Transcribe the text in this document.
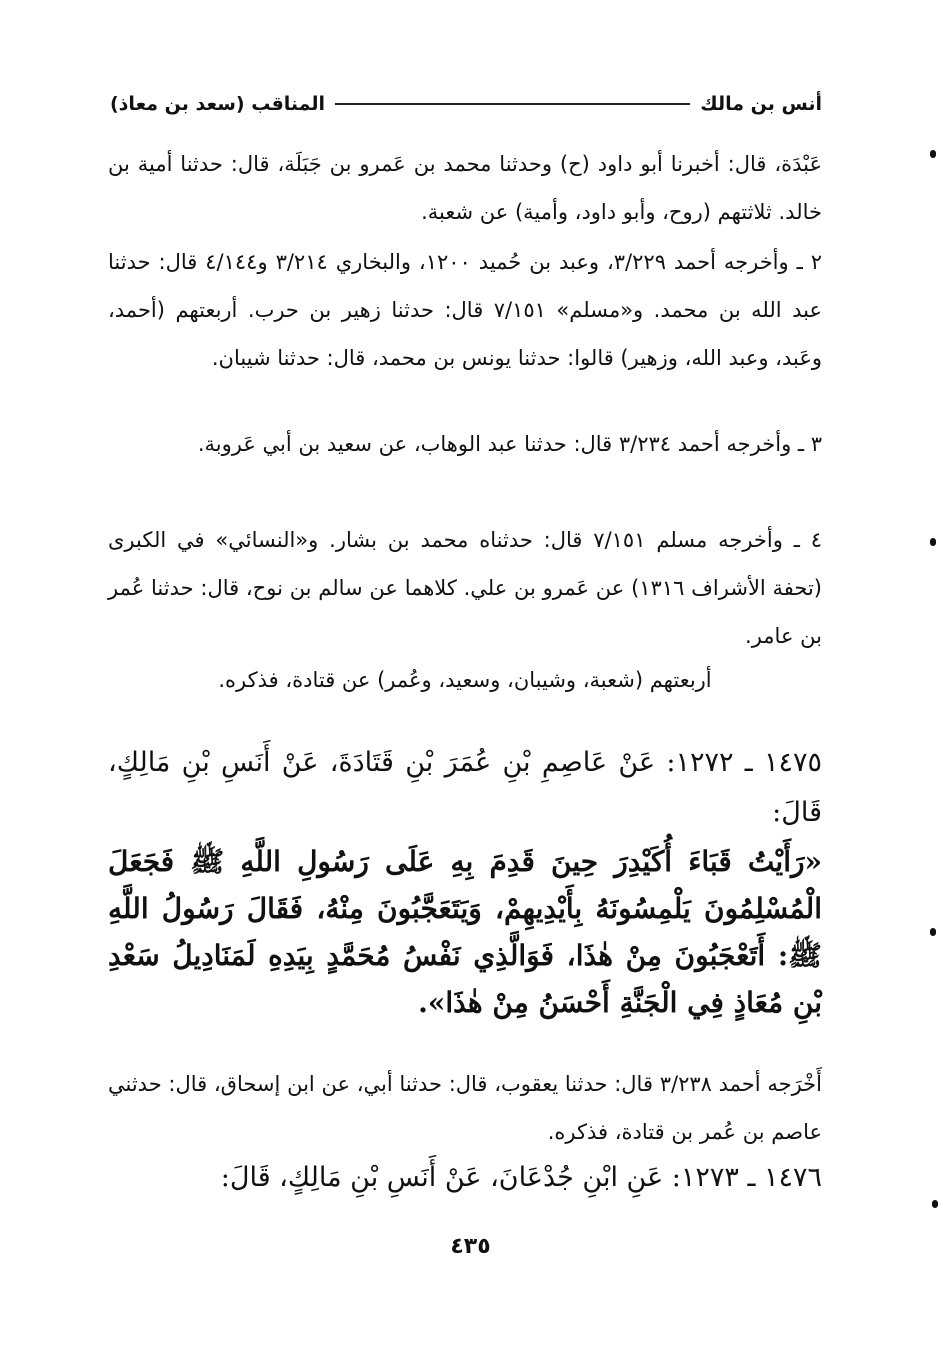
أنس بن مالك
المناقب (سعد بن معاذ)

عَبْدَة، قال: أخبرنا أبو داود (ح) وحدثنا محمد بن عَمرو بن جَبَلَة، قال: حدثنا أمية بن خالد. ثلاثتهم (روح، وأبو داود، وأمية) عن شعبة.

٢ ـ وأخرجه أحمد ٣/٢٢٩، وعبد بن حُميد ١٢٠٠، والبخاري ٣/٢١٤ و٤/١٤٤ قال: حدثنا عبد الله بن محمد. و«مسلم» ٧/١٥١ قال: حدثنا زهير بن حرب. أربعتهم (أحمد، وعَبد، وعبد الله، وزهير) قالوا: حدثنا يونس بن محمد، قال: حدثنا شيبان.

٣ ـ وأخرجه أحمد ٣/٢٣٤ قال: حدثنا عبد الوهاب، عن سعيد بن أبي عَروبة.

٤ ـ وأخرجه مسلم ٧/١٥١ قال: حدثناه محمد بن بشار. و«النسائي» في الكبرى (تحفة الأشراف ١٣١٦) عن عَمرو بن علي. كلاهما عن سالم بن نوح، قال: حدثنا عُمر بن عامر.

أربعتهم (شعبة، وشيبان، وسعيد، وعُمر) عن قتادة، فذكره.

١٤٧٥ ـ ١٢٧٢: عَنْ عَاصِمِ بْنِ عُمَرَ بْنِ قَتَادَةَ، عَنْ أَنَسِ بْنِ مَالِكٍ، قَالَ:

«رَأَيْتُ قَبَاءَ أُكَيْدِرَ حِينَ قَدِمَ بِهِ عَلَى رَسُولِ اللَّهِ ﷺ فَجَعَلَ الْمُسْلِمُونَ يَلْمِسُونَهُ بِأَيْدِيهِمْ، وَيَتَعَجَّبُونَ مِنْهُ، فَقَالَ رَسُولُ اللَّهِ ﷺ: أَتَعْجَبُونَ مِنْ هٰذَا، فَوَالَّذِي نَفْسُ مُحَمَّدٍ بِيَدِهِ لَمَنَادِيلُ سَعْدِ بْنِ مُعَاذٍ فِي الْجَنَّةِ أَحْسَنُ مِنْ هٰذَا».

أَخْرَجه أحمد ٣/٢٣٨ قال: حدثنا يعقوب، قال: حدثنا أبي، عن ابن إسحاق، قال: حدثني عاصم بن عُمر بن قتادة، فذكره.

١٤٧٦ ـ ١٢٧٣: عَنِ ابْنِ جُدْعَانَ، عَنْ أَنَسِ بْنِ مَالِكٍ، قَالَ:

٤٣٥
